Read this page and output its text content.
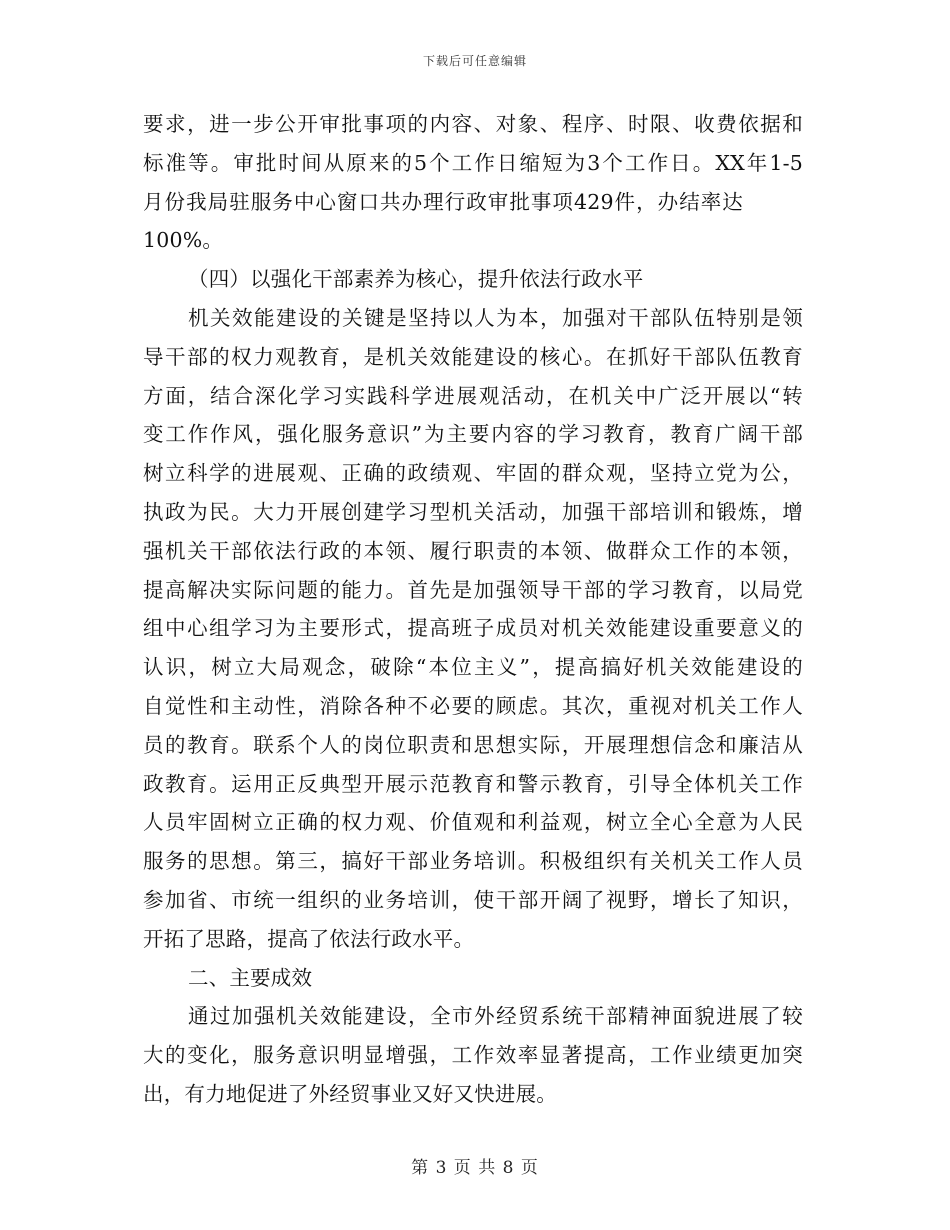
下载后可任意编辑
要求，进一步公开审批事项的内容、对象、程序、时限、收费依据和
标准等。审批时间从原来的5个工作日缩短为3个工作日。XX年1-5
月份我局驻服务中心窗口共办理行政审批事项429件，办结率达
100%。
（四）以强化干部素养为核心，提升依法行政水平
机关效能建设的关键是坚持以人为本，加强对干部队伍特别是领
导干部的权力观教育，是机关效能建设的核心。在抓好干部队伍教育
方面，结合深化学习实践科学进展观活动，在机关中广泛开展以“转
变工作作风，强化服务意识”为主要内容的学习教育，教育广阔干部
树立科学的进展观、正确的政绩观、牢固的群众观，坚持立党为公，
执政为民。大力开展创建学习型机关活动，加强干部培训和锻炼，增
强机关干部依法行政的本领、履行职责的本领、做群众工作的本领，
提高解决实际问题的能力。首先是加强领导干部的学习教育，以局党
组中心组学习为主要形式，提高班子成员对机关效能建设重要意义的
认识，树立大局观念，破除“本位主义”，提高搞好机关效能建设的
自觉性和主动性，消除各种不必要的顾虑。其次，重视对机关工作人
员的教育。联系个人的岗位职责和思想实际，开展理想信念和廉洁从
政教育。运用正反典型开展示范教育和警示教育，引导全体机关工作
人员牢固树立正确的权力观、价值观和利益观，树立全心全意为人民
服务的思想。第三，搞好干部业务培训。积极组织有关机关工作人员
参加省、市统一组织的业务培训，使干部开阔了视野，增长了知识，
开拓了思路，提高了依法行政水平。
二、主要成效
通过加强机关效能建设，全市外经贸系统干部精神面貌进展了较
大的变化，服务意识明显增强，工作效率显著提高，工作业绩更加突
出，有力地促进了外经贸事业又好又快进展。
第 3 页 共 8 页
